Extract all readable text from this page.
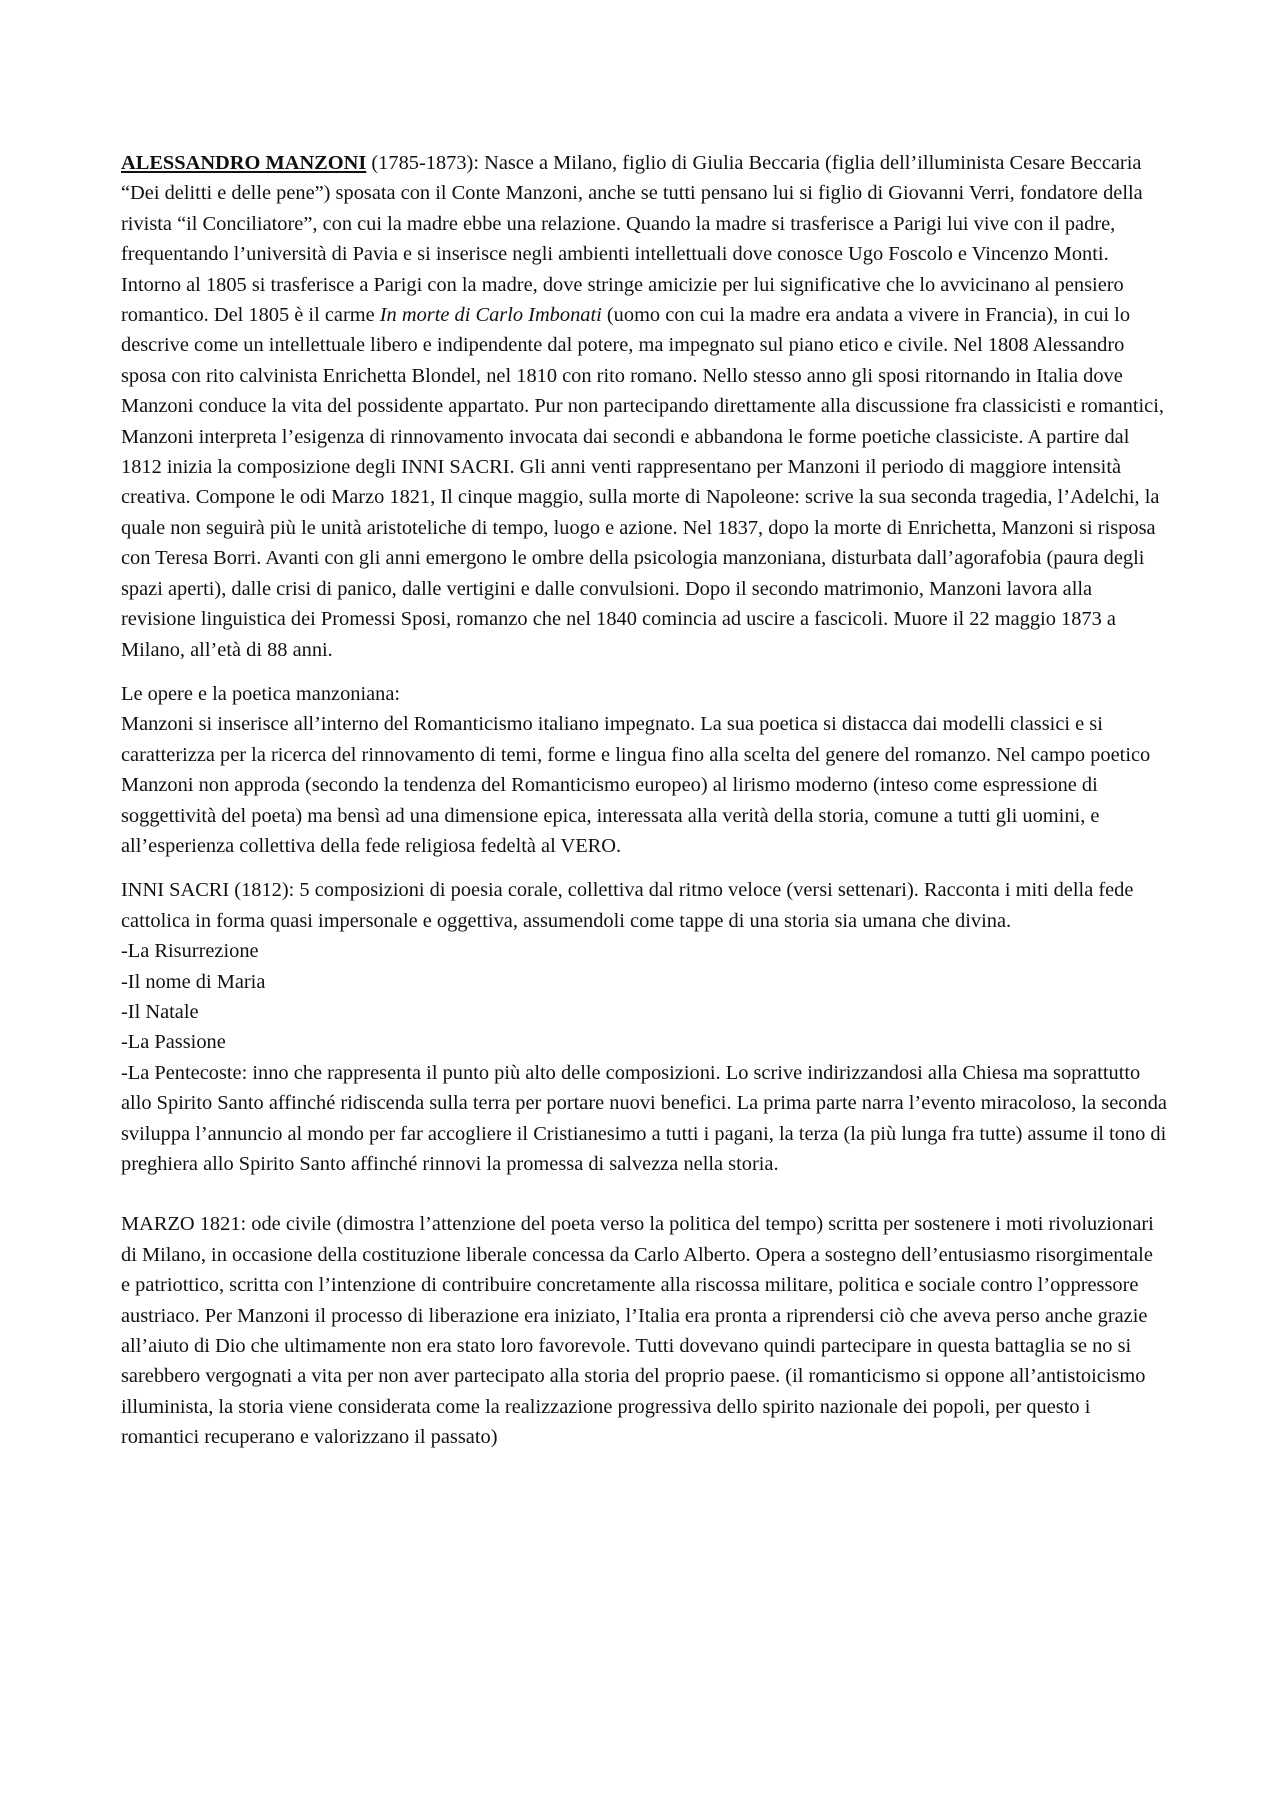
ALESSANDRO MANZONI (1785-1873): Nasce a Milano, figlio di Giulia Beccaria (figlia dell’illuminista Cesare Beccaria “Dei delitti e delle pene”) sposata con il Conte Manzoni, anche se tutti pensano lui si figlio di Giovanni Verri, fondatore della rivista “il Conciliatore”, con cui la madre ebbe una relazione. Quando la madre si trasferisce a Parigi lui vive con il padre, frequentando l’università di Pavia e si inserisce negli ambienti intellettuali dove conosce Ugo Foscolo e Vincenzo Monti. Intorno al 1805 si trasferisce a Parigi con la madre, dove stringe amicizie per lui significative che lo avvicinano al pensiero romantico. Del 1805 è il carme In morte di Carlo Imbonati (uomo con cui la madre era andata a vivere in Francia), in cui lo descrive come un intellettuale libero e indipendente dal potere, ma impegnato sul piano etico e civile. Nel 1808 Alessandro sposa con rito calvinista Enrichetta Blondel, nel 1810 con rito romano. Nello stesso anno gli sposi ritornando in Italia dove Manzoni conduce la vita del possidente appartato. Pur non partecipando direttamente alla discussione fra classicisti e romantici, Manzoni interpreta l’esigenza di rinnovamento invocata dai secondi e abbandona le forme poetiche classiciste. A partire dal 1812 inizia la composizione degli INNI SACRI. Gli anni venti rappresentano per Manzoni il periodo di maggiore intensità creativa. Compone le odi Marzo 1821, Il cinque maggio, sulla morte di Napoleone: scrive la sua seconda tragedia, l’Adelchi, la quale non seguirà più le unità aristoteliche di tempo, luogo e azione. Nel 1837, dopo la morte di Enrichetta, Manzoni si risposa con Teresa Borri. Avanti con gli anni emergono le ombre della psicologia manzoniana, disturbata dall’agorafobia (paura degli spazi aperti), dalle crisi di panico, dalle vertigini e dalle convulsioni. Dopo il secondo matrimonio, Manzoni lavora alla revisione linguistica dei Promessi Sposi, romanzo che nel 1840 comincia ad uscire a fascicoli. Muore il 22 maggio 1873 a Milano, all’età di 88 anni.

Le opere e la poetica manzoniana:

Manzoni si inserisce all’interno del Romanticismo italiano impegnato. La sua poetica si distacca dai modelli classici e si caratterizza per la ricerca del rinnovamento di temi, forme e lingua fino alla scelta del genere del romanzo. Nel campo poetico Manzoni non approda (secondo la tendenza del Romanticismo europeo) al lirismo moderno (inteso come espressione di soggettività del poeta) ma bensì ad una dimensione epica, interessata alla verità della storia, comune a tutti gli uomini, e all’esperienza collettiva della fede religiosa fedeltà al VERO.

INNI SACRI (1812): 5 composizioni di poesia corale, collettiva dal ritmo veloce (versi settenari). Racconta i miti della fede cattolica in forma quasi impersonale e oggettiva, assumendoli come tappe di una storia sia umana che divina.

-La Risurrezione
-Il nome di Maria
-Il Natale
-La Passione
-La Pentecoste: inno che rappresenta il punto più alto delle composizioni. Lo scrive indirizzandosi alla Chiesa ma soprattutto allo Spirito Santo affinché ridiscenda sulla terra per portare nuovi benefici. La prima parte narra l’evento miracoloso, la seconda sviluppa l’annuncio al mondo per far accogliere il Cristianesimo a tutti i pagani, la terza (la più lunga fra tutte) assume il tono di preghiera allo Spirito Santo affinché rinnovi la promessa di salvezza nella storia.

MARZO 1821: ode civile (dimostra l’attenzione del poeta verso la politica del tempo) scritta per sostenere i moti rivoluzionari di Milano, in occasione della costituzione liberale concessa da Carlo Alberto. Opera a sostegno dell’entusiasmo risorgimentale e patriottico, scritta con l’intenzione di contribuire concretamente alla riscossa militare, politica e sociale contro l’oppressore austriaco. Per Manzoni il processo di liberazione era iniziato, l’Italia era pronta a riprendersi ciò che aveva perso anche grazie all’aiuto di Dio che ultimamente non era stato loro favorevole. Tutti dovevano quindi partecipare in questa battaglia se no si sarebbero vergognati a vita per non aver partecipato alla storia del proprio paese. (il romanticismo si oppone all’antistoicismo illuminista, la storia viene considerata come la realizzazione progressiva dello spirito nazionale dei popoli, per questo i romantici recuperano e valorizzano il passato)
